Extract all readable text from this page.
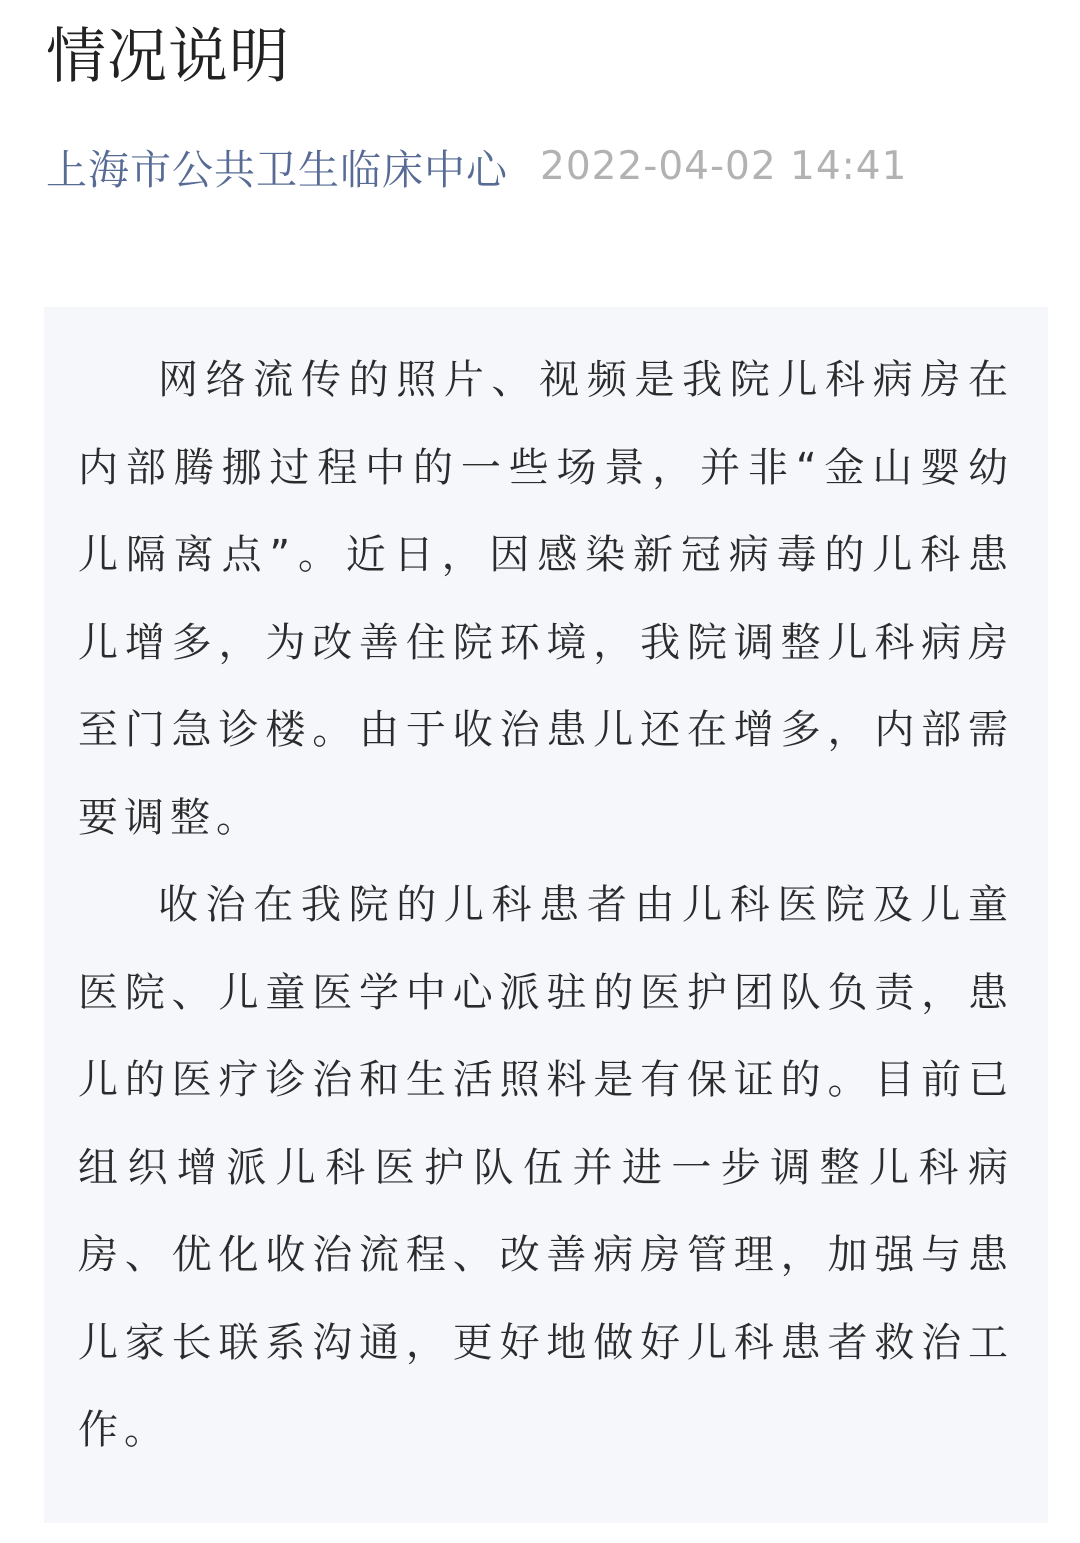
情况说明
上海市公共卫生临床中心 2022-04-02 14:41

网络流传的照片、视频是我院儿科病房在内部腾挪过程中的一些场景，并非“金山婴幼儿隔离点”。近日，因感染新冠病毒的儿科患儿增多，为改善住院环境，我院调整儿科病房至门急诊楼。由于收治患儿还在增多，内部需要调整。

收治在我院的儿科患者由儿科医院及儿童医院、儿童医学中心派驻的医护团队负责，患儿的医疗诊治和生活照料是有保证的。目前已组织增派儿科医护队伍并进一步调整儿科病房、优化收治流程、改善病房管理，加强与患儿家长联系沟通，更好地做好儿科患者救治工作。
